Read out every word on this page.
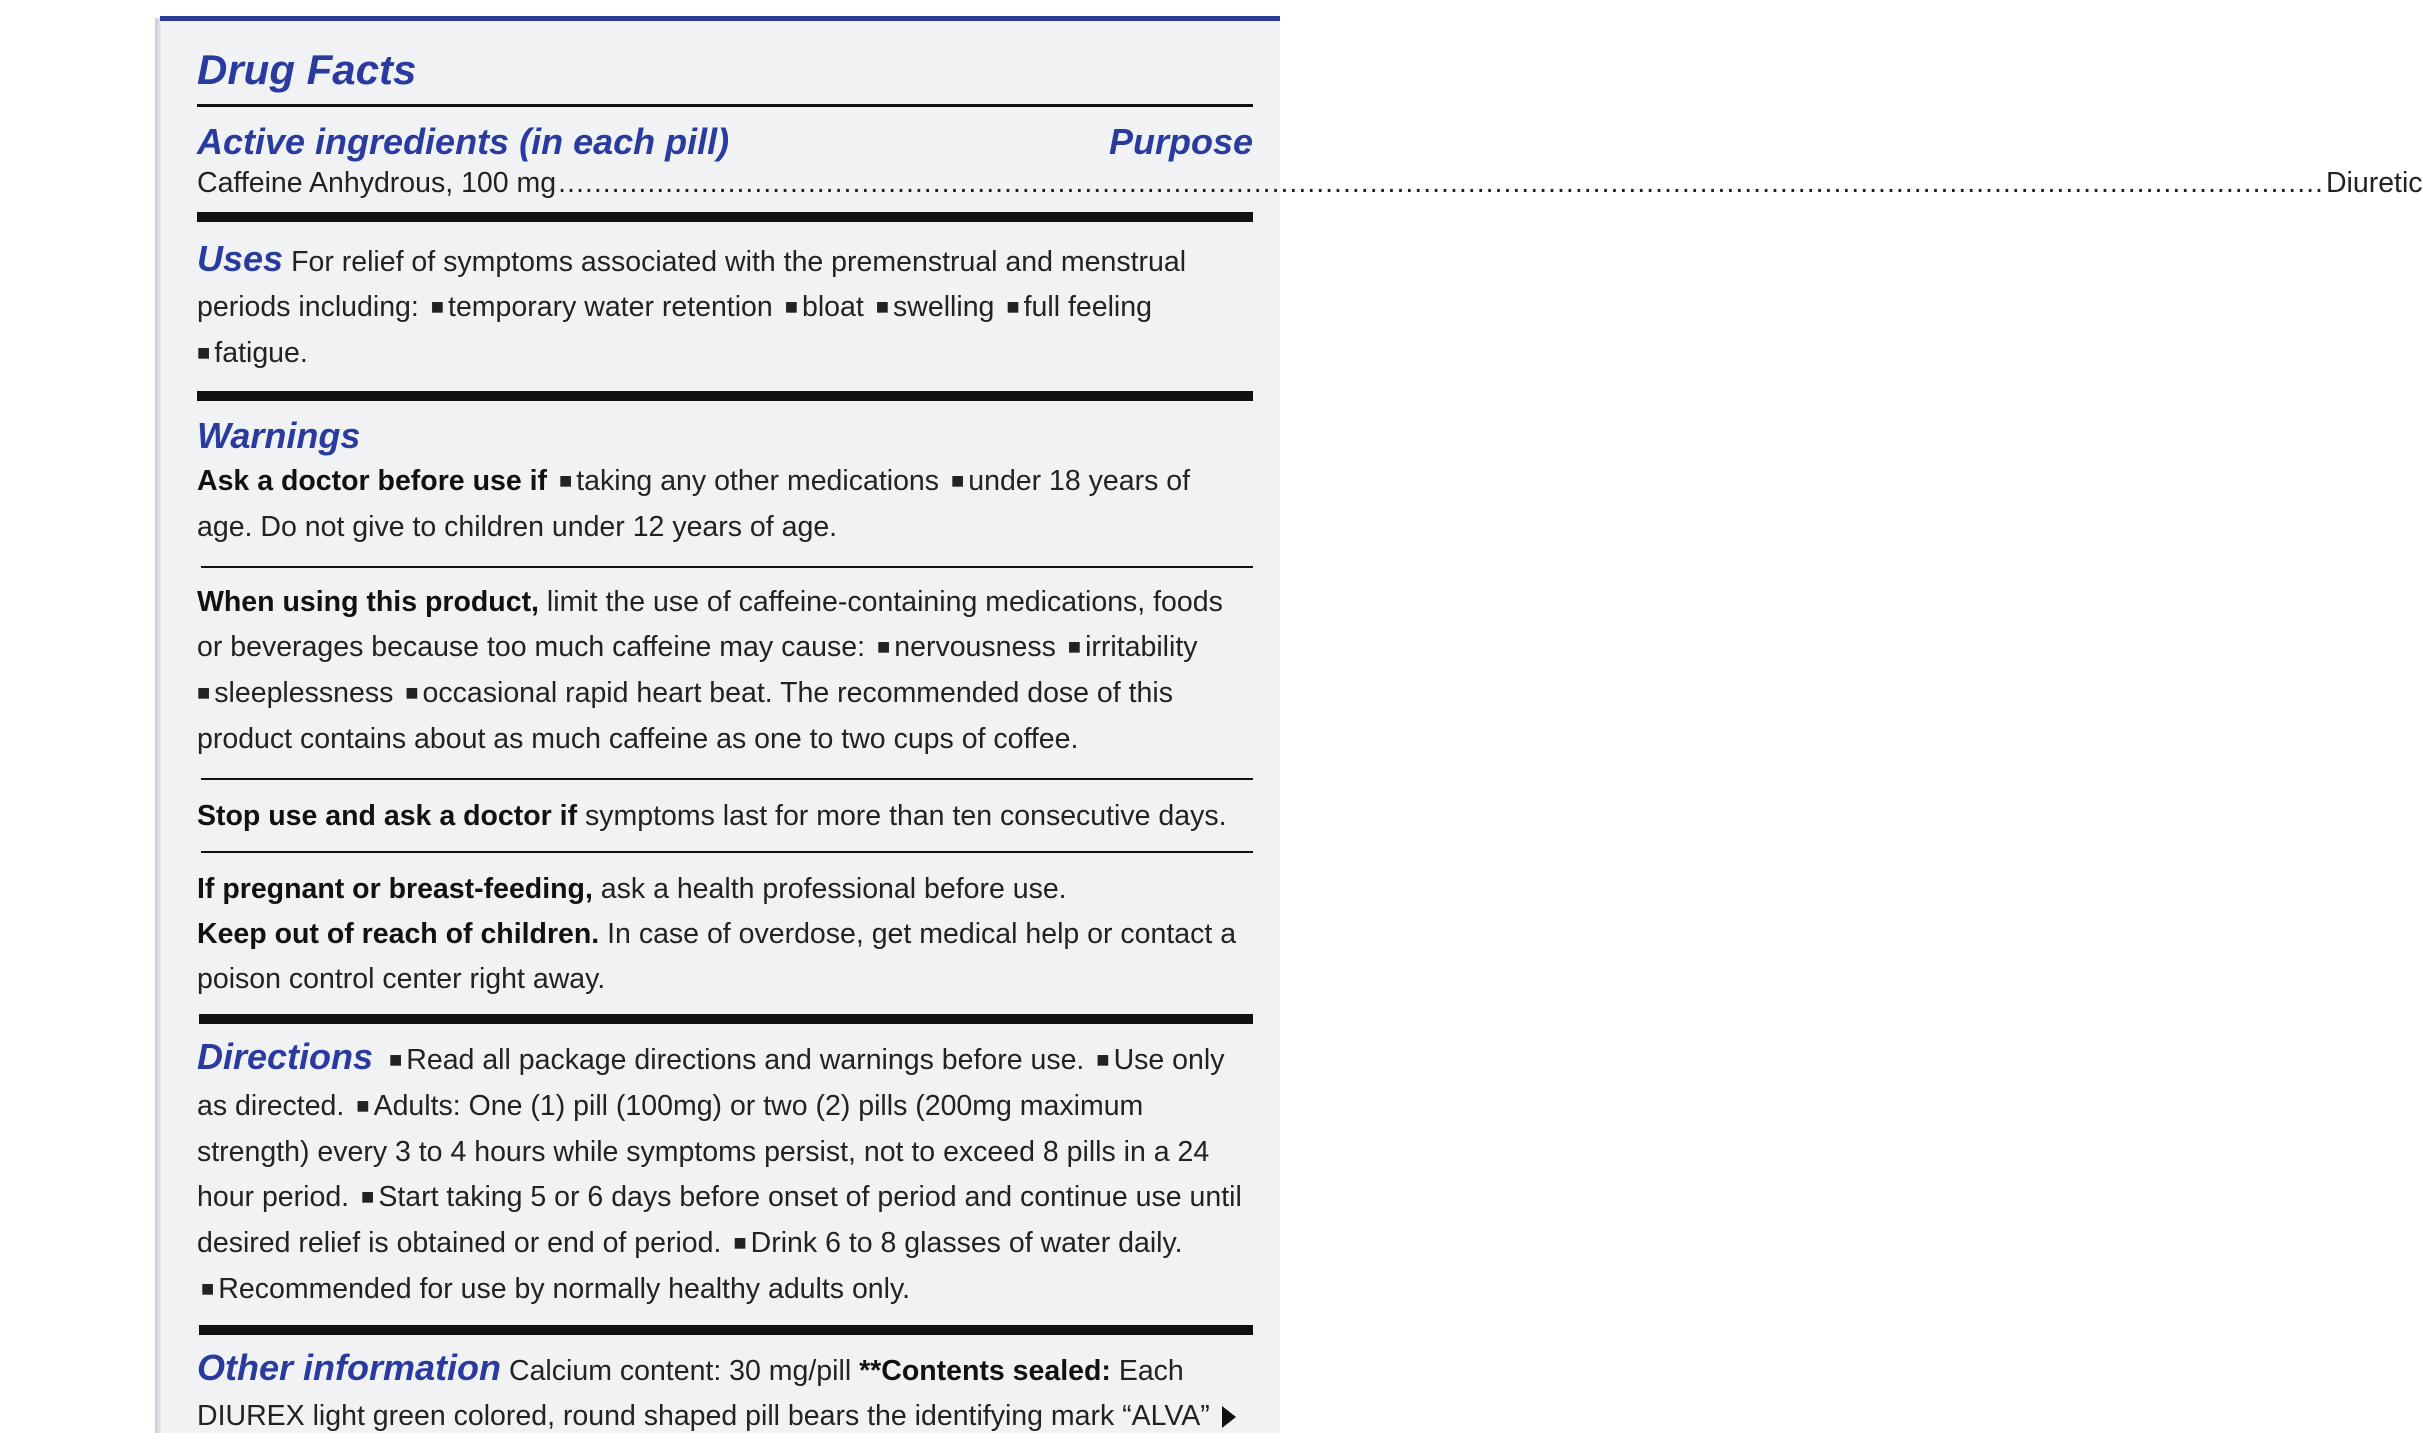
Drug Facts
Active ingredients (in each pill)	Purpose
Caffeine Anhydrous, 100 mg ...................................................................................................................................................................................................... Diuretic
Uses For relief of symptoms associated with the premenstrual and menstrual periods including: ■ temporary water retention ■ bloat ■ swelling ■ full feeling
■ fatigue.
Warnings
Ask a doctor before use if ■ taking any other medications ■ under 18 years of age. Do not give to children under 12 years of age.
When using this product, limit the use of caffeine-containing medications, foods or beverages because too much caffeine may cause: ■ nervousness ■ irritability
■ sleeplessness ■ occasional rapid heart beat. The recommended dose of this product contains about as much caffeine as one to two cups of coffee.
Stop use and ask a doctor if symptoms last for more than ten consecutive days.
If pregnant or breast-feeding, ask a health professional before use.
Keep out of reach of children. In case of overdose, get medical help or contact a poison control center right away.
Directions ■ Read all package directions and warnings before use. ■ Use only as directed. ■ Adults: One (1) pill (100mg) or two (2) pills (200mg maximum strength) every 3 to 4 hours while symptoms persist, not to exceed 8 pills in a 24 hour period. ■ Start taking 5 or 6 days before onset of period and continue use until desired relief is obtained or end of period. ■ Drink 6 to 8 glasses of water daily. ■ Recommended for use by normally healthy adults only.
Other information Calcium content: 30 mg/pill **Contents sealed: Each DIUREX light green colored, round shaped pill bears the identifying mark “ALVA”
